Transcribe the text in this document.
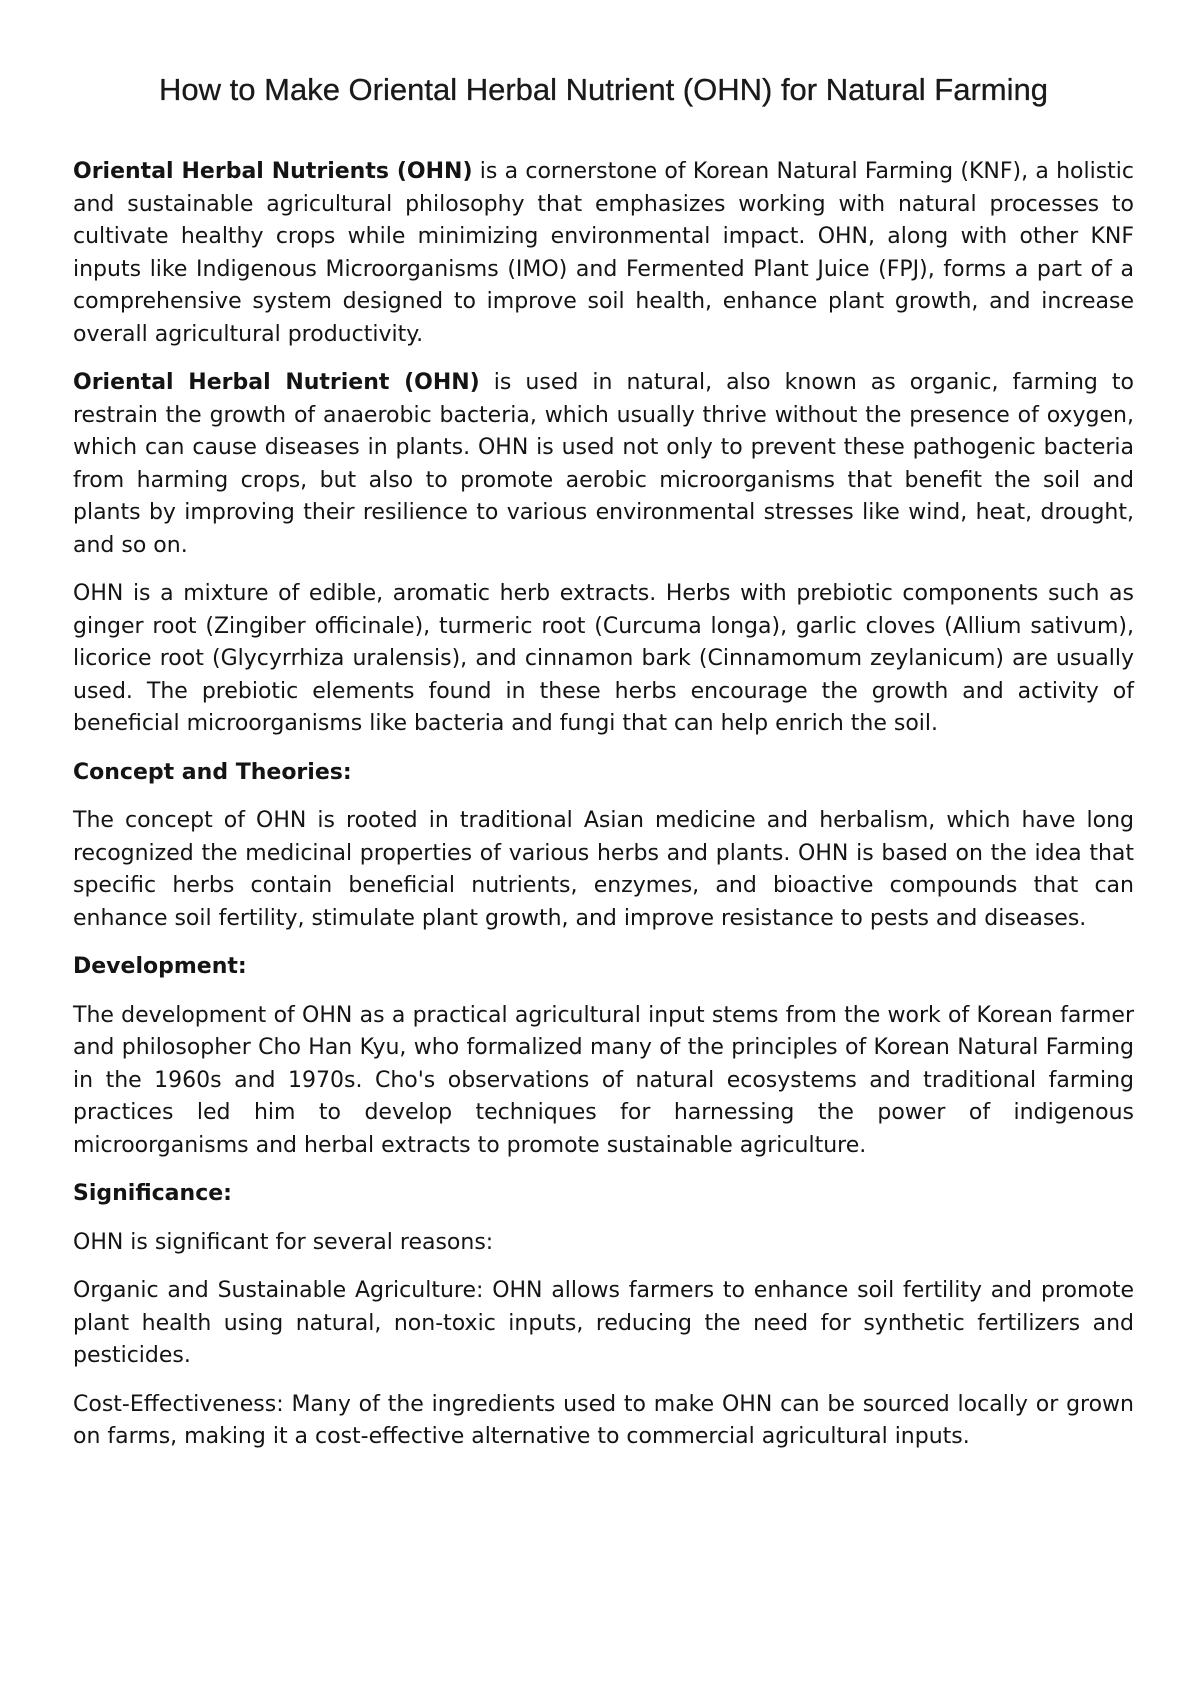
How to Make Oriental Herbal Nutrient (OHN) for Natural Farming

Oriental Herbal Nutrients (OHN) is a cornerstone of Korean Natural Farming (KNF), a holistic and sustainable agricultural philosophy that emphasizes working with natural processes to cultivate healthy crops while minimizing environmental impact. OHN, along with other KNF inputs like Indigenous Microorganisms (IMO) and Fermented Plant Juice (FPJ), forms a part of a comprehensive system designed to improve soil health, enhance plant growth, and increase overall agricultural productivity.

Oriental Herbal Nutrient (OHN) is used in natural, also known as organic, farming to restrain the growth of anaerobic bacteria, which usually thrive without the presence of oxygen, which can cause diseases in plants. OHN is used not only to prevent these pathogenic bacteria from harming crops, but also to promote aerobic microorganisms that benefit the soil and plants by improving their resilience to various environmental stresses like wind, heat, drought, and so on.

OHN is a mixture of edible, aromatic herb extracts. Herbs with prebiotic components such as ginger root (Zingiber officinale), turmeric root (Curcuma longa), garlic cloves (Allium sativum), licorice root (Glycyrrhiza uralensis), and cinnamon bark (Cinnamomum zeylanicum) are usually used. The prebiotic elements found in these herbs encourage the growth and activity of beneficial microorganisms like bacteria and fungi that can help enrich the soil.

Concept and Theories:

The concept of OHN is rooted in traditional Asian medicine and herbalism, which have long recognized the medicinal properties of various herbs and plants. OHN is based on the idea that specific herbs contain beneficial nutrients, enzymes, and bioactive compounds that can enhance soil fertility, stimulate plant growth, and improve resistance to pests and diseases.

Development:

The development of OHN as a practical agricultural input stems from the work of Korean farmer and philosopher Cho Han Kyu, who formalized many of the principles of Korean Natural Farming in the 1960s and 1970s. Cho's observations of natural ecosystems and traditional farming practices led him to develop techniques for harnessing the power of indigenous microorganisms and herbal extracts to promote sustainable agriculture.

Significance:

OHN is significant for several reasons:

Organic and Sustainable Agriculture: OHN allows farmers to enhance soil fertility and promote plant health using natural, non-toxic inputs, reducing the need for synthetic fertilizers and pesticides.

Cost-Effectiveness: Many of the ingredients used to make OHN can be sourced locally or grown on farms, making it a cost-effective alternative to commercial agricultural inputs.
